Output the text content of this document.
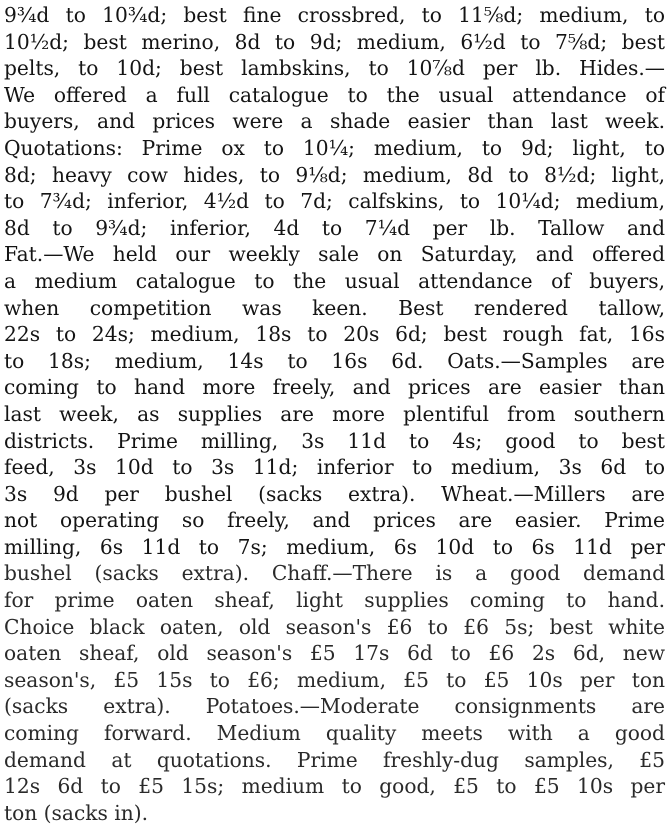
9¾d to 10¾d; best fine crossbred, to 11⅝d; medium, to
10½d; best merino, 8d to 9d; medium, 6½d to 7⅝d; best
pelts, to 10d; best lambskins, to 10⅞d per lb. Hides.—
We offered a full catalogue to the usual attendance of
buyers, and prices were a shade easier than last week.
Quotations: Prime ox to 10¼; medium, to 9d; light, to
8d; heavy cow hides, to 9⅛d; medium, 8d to 8½d; light,
to 7¾d; inferior, 4½d to 7d; calfskins, to 10¼d; medium,
8d to 9¾d; inferior, 4d to 7¼d per lb. Tallow and
Fat.—We held our weekly sale on Saturday, and offered
a medium catalogue to the usual attendance of buyers,
when competition was keen. Best rendered tallow,
22s to 24s; medium, 18s to 20s 6d; best rough fat, 16s
to 18s; medium, 14s to 16s 6d. Oats.—Samples are
coming to hand more freely, and prices are easier than
last week, as supplies are more plentiful from southern
districts. Prime milling, 3s 11d to 4s; good to best
feed, 3s 10d to 3s 11d; inferior to medium, 3s 6d to
3s 9d per bushel (sacks extra). Wheat.—Millers are
not operating so freely, and prices are easier. Prime
milling, 6s 11d to 7s; medium, 6s 10d to 6s 11d per
bushel (sacks extra). Chaff.—There is a good demand
for prime oaten sheaf, light supplies coming to hand.
Choice black oaten, old season's £6 to £6 5s; best white
oaten sheaf, old season's £5 17s 6d to £6 2s 6d, new
season's, £5 15s to £6; medium, £5 to £5 10s per ton
(sacks extra). Potatoes.—Moderate consignments are
coming forward. Medium quality meets with a good
demand at quotations. Prime freshly-dug samples, £5
12s 6d to £5 15s; medium to good, £5 to £5 10s per
ton (sacks in).
